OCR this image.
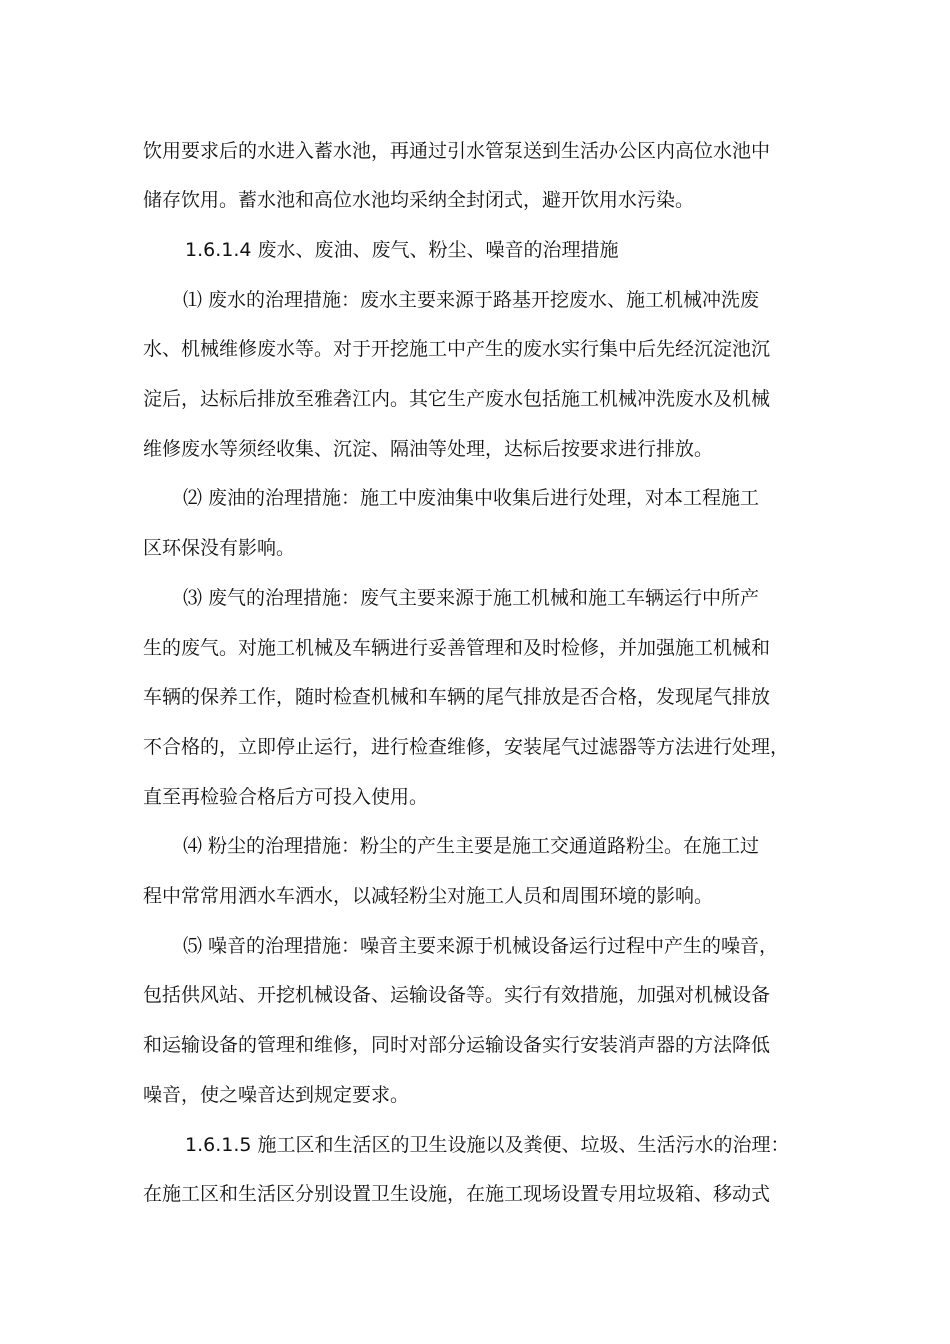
饮用要求后的水进入蓄水池，再通过引水管泵送到生活办公区内高位水池中
储存饮用。蓄水池和高位水池均采纳全封闭式，避开饮用水污染。
1.6.1.4 废水、废油、废气、粉尘、噪音的治理措施
⑴ 废水的治理措施：废水主要来源于路基开挖废水、施工机械冲洗废
水、机械维修废水等。对于开挖施工中产生的废水实行集中后先经沉淀池沉
淀后，达标后排放至雅砻江内。其它生产废水包括施工机械冲洗废水及机械
维修废水等须经收集、沉淀、隔油等处理，达标后按要求进行排放。
⑵ 废油的治理措施：施工中废油集中收集后进行处理，对本工程施工
区环保没有影响。
⑶ 废气的治理措施：废气主要来源于施工机械和施工车辆运行中所产
生的废气。对施工机械及车辆进行妥善管理和及时检修，并加强施工机械和
车辆的保养工作，随时检查机械和车辆的尾气排放是否合格，发现尾气排放
不合格的，立即停止运行，进行检查维修，安装尾气过滤器等方法进行处理，
直至再检验合格后方可投入使用。
⑷ 粉尘的治理措施：粉尘的产生主要是施工交通道路粉尘。在施工过
程中常常用洒水车洒水，以减轻粉尘对施工人员和周围环境的影响。
⑸ 噪音的治理措施：噪音主要来源于机械设备运行过程中产生的噪音，
包括供风站、开挖机械设备、运输设备等。实行有效措施，加强对机械设备
和运输设备的管理和维修，同时对部分运输设备实行安装消声器的方法降低
噪音，使之噪音达到规定要求。
1.6.1.5 施工区和生活区的卫生设施以及粪便、垃圾、生活污水的治理：
在施工区和生活区分别设置卫生设施，在施工现场设置专用垃圾箱、移动式
